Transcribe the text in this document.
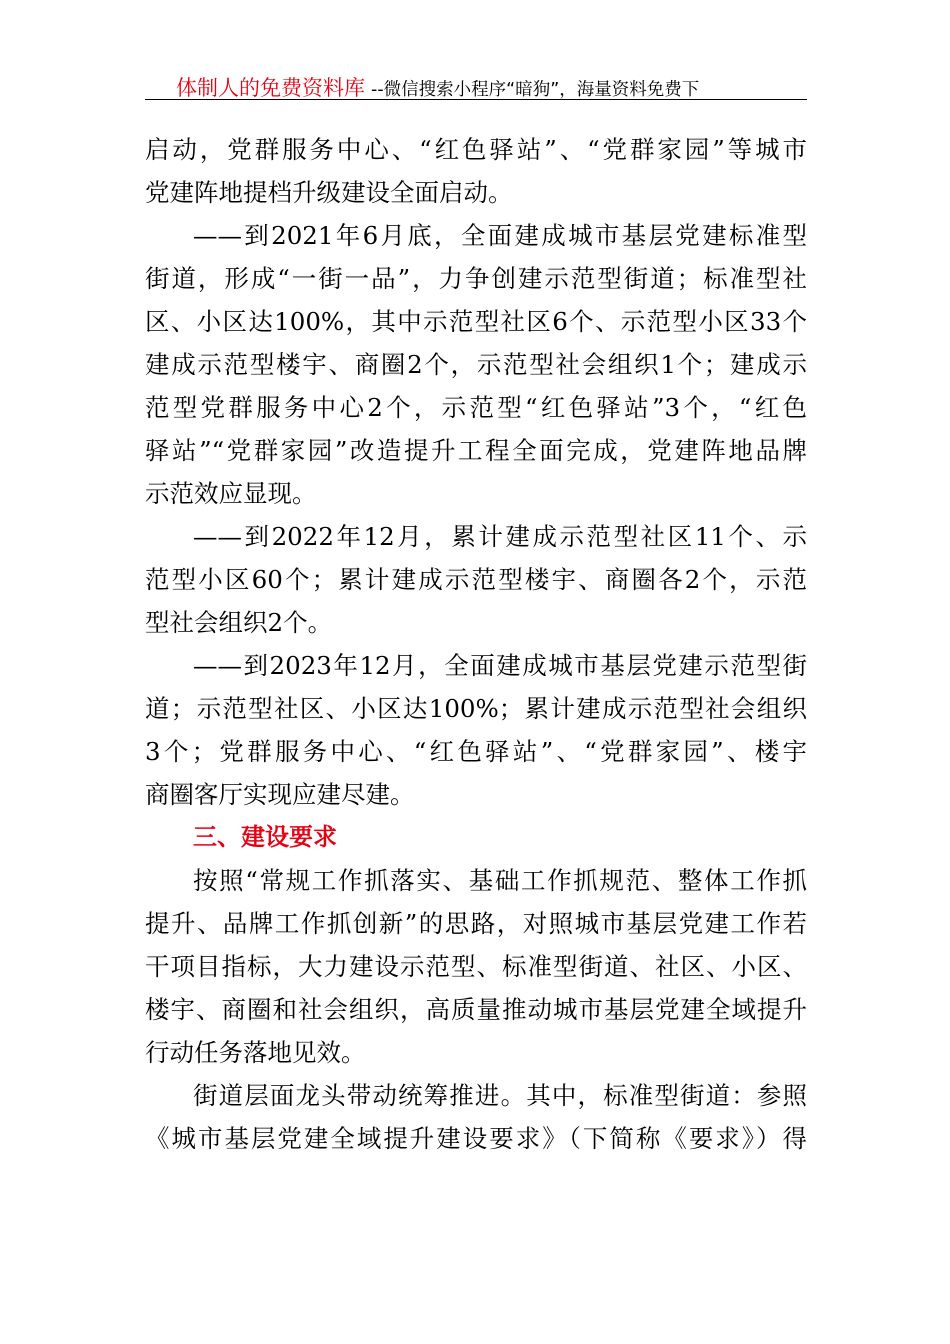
体制人的免费资料库 --微信搜索小程序“暗狗”，海量资料免费下
启动，党群服务中心、“红色驿站”、“党群家园”等城市
党建阵地提档升级建设全面启动。
——到2021年6月底，全面建成城市基层党建标准型
街道，形成“一街一品”，力争创建示范型街道；标准型社
区、小区达100%，其中示范型社区6个、示范型小区33个
建成示范型楼宇、商圈2个，示范型社会组织1个；建成示
范型党群服务中心2个，示范型“红色驿站”3个，“红色
驿站”“党群家园”改造提升工程全面完成，党建阵地品牌
示范效应显现。
——到2022年12月，累计建成示范型社区11个、示
范型小区60个；累计建成示范型楼宇、商圈各2个，示范
型社会组织2个。
——到2023年12月，全面建成城市基层党建示范型街
道；示范型社区、小区达100%；累计建成示范型社会组织
3个；党群服务中心、“红色驿站”、“党群家园”、楼宇
商圈客厅实现应建尽建。
三、建设要求
按照“常规工作抓落实、基础工作抓规范、整体工作抓
提升、品牌工作抓创新”的思路，对照城市基层党建工作若
干项目指标，大力建设示范型、标准型街道、社区、小区、
楼宇、商圈和社会组织，高质量推动城市基层党建全域提升
行动任务落地见效。
街道层面龙头带动统筹推进。其中，标准型街道：参照
《城市基层党建全域提升建设要求》（下简称《要求》）得
